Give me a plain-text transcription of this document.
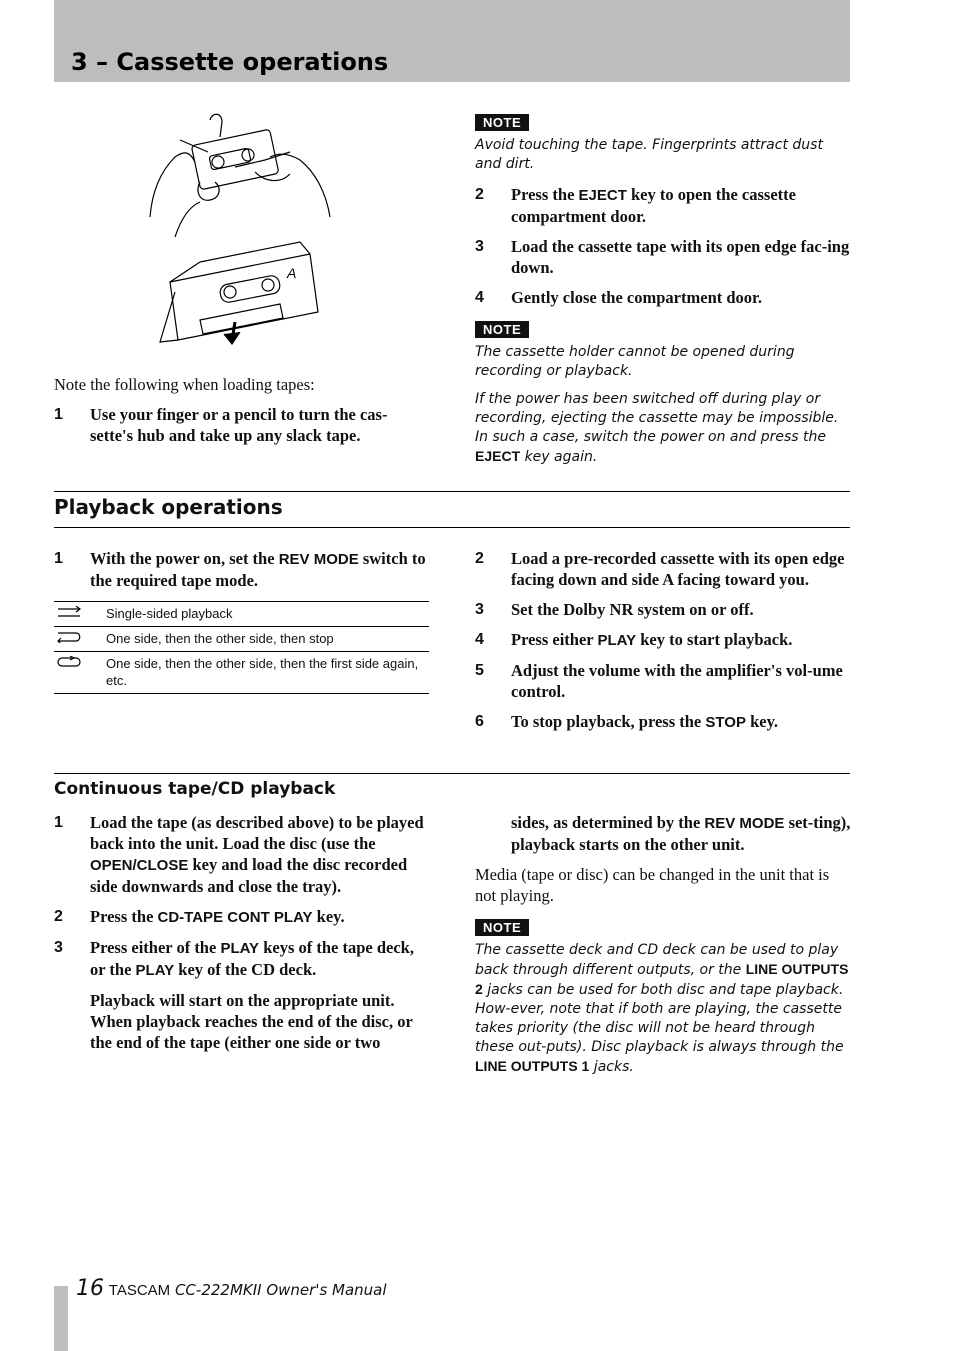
3 – Cassette operations
A

Note the following when loading tapes:

1	Use your finger or a pencil to turn the cas-sette's hub and take up any slack tape.
NOTE

Avoid touching the tape. Fingerprints attract dust and dirt.

2	Press the EJECT key to open the cassette compartment door.
3	Load the cassette tape with its open edge fac-ing down.
4	Gently close the compartment door.
NOTE

The cassette holder cannot be opened during recording or playback.

If the power has been switched off during play or recording, ejecting the cassette may be impossible. In such a case, switch the power on and press the EJECT key again.

Playback operations
1	With the power on, set the REV MODE switch to the required tape mode.
	Single-sided playback
	One side, then the other side, then stop
	One side, then the other side, then the first side again, etc.
2	Load a pre-recorded cassette with its open edge facing down and side A facing toward you.
3	Set the Dolby NR system on or off.
4	Press either PLAY key to start playback.
5	Adjust the volume with the amplifier's vol-ume control.
6	To stop playback, press the STOP key.
Continuous tape/CD playback
1	Load the tape (as described above) to be played back into the unit. Load the disc (use the OPEN/CLOSE key and load the disc recorded side downwards and close the tray).
2	Press the CD-TAPE CONT PLAY key.
3	Press either of the PLAY keys of the tape deck, or the PLAY key of the CD deck.
Playback will start on the appropriate unit. When playback reaches the end of the disc, or the end of the tape (either one side or two
sides, as determined by the REV MODE set-ting), playback starts on the other unit.

Media (tape or disc) can be changed in the unit that is not playing.

NOTE

The cassette deck and CD deck can be used to play back through different outputs, or the LINE OUTPUTS 2 jacks can be used for both disc and tape playback. How-ever, note that if both are playing, the cassette takes priority (the disc will not be heard through these out-puts). Disc playback is always through the LINE OUTPUTS 1 jacks.

16 TASCAM CC-222MKII Owner's Manual
